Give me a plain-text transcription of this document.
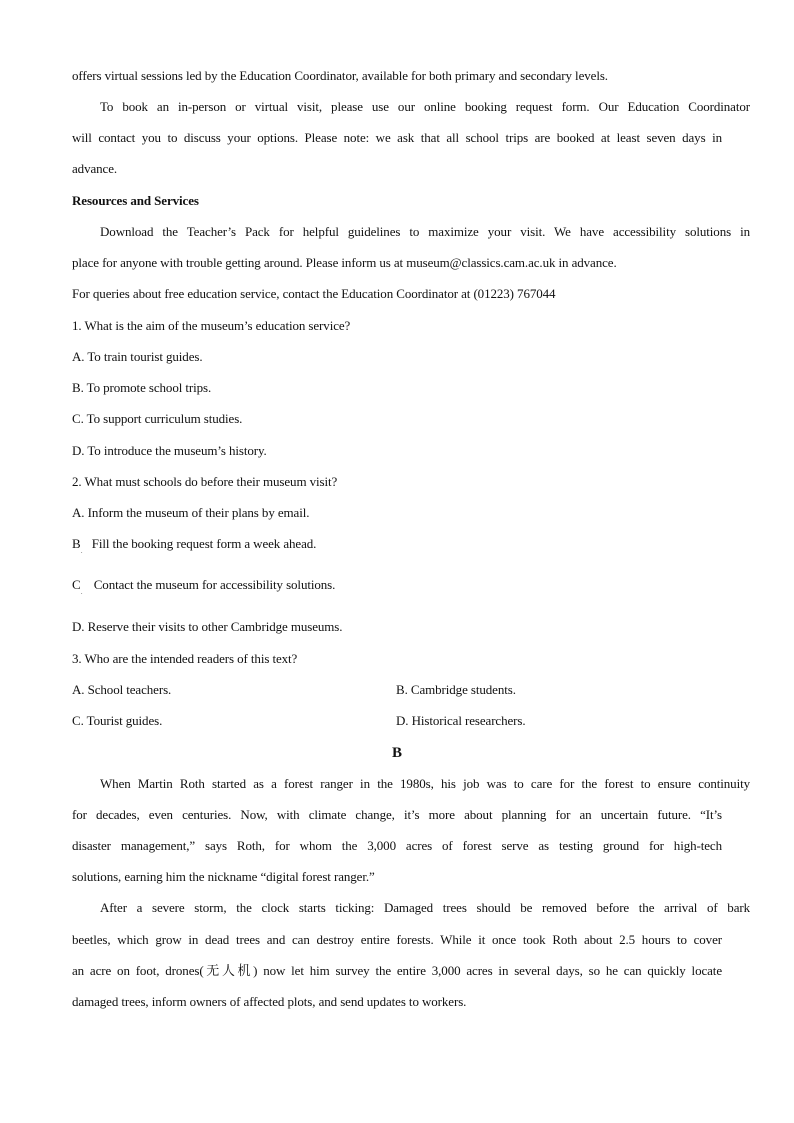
offers virtual sessions led by the Education Coordinator, available for both primary and secondary levels.
To book an in-person or virtual visit, please use our online booking request form. Our Education Coordinator
will contact you to discuss your options. Please note: we ask that all school trips are booked at least seven days in
advance.
Resources and Services
Download the Teacher’s Pack for helpful guidelines to maximize your visit. We have accessibility solutions in
place for anyone with trouble getting around. Please inform us at museum@classics.cam.ac.uk in advance.
For queries about free education service, contact the Education Coordinator at (01223) 767044
1. What is the aim of the museum’s education service?
A. To train tourist guides.
B. To promote school trips.
C. To support curriculum studies.
D. To introduce the museum’s history.
2. What must schools do before their museum visit?
A. Inform the museum of their plans by email.
B
.
Fill the booking request form a week ahead.
C
.
Contact the museum for accessibility solutions.
D. Reserve their visits to other Cambridge museums.
3. Who are the intended readers of this text?
A. School teachers.	B. Cambridge students.
C. Tourist guides.	D. Historical researchers.
B
When Martin Roth started as a forest ranger in the 1980s, his job was to care for the forest to ensure continuity
for decades, even centuries. Now, with climate change, it’s more about planning for an uncertain future. “It’s
disaster management,” says Roth, for whom the 3,000 acres of forest serve as testing ground for high-tech
solutions, earning him the nickname “digital forest ranger.”
After a severe storm, the clock starts ticking: Damaged trees should be removed before the arrival of bark
beetles, which grow in dead trees and can destroy entire forests. While it once took Roth about 2.5 hours to cover
an acre on foot, drones(无人机) now let him survey the entire 3,000 acres in several days, so he can quickly locate
damaged trees, inform owners of affected plots, and send updates to workers.
